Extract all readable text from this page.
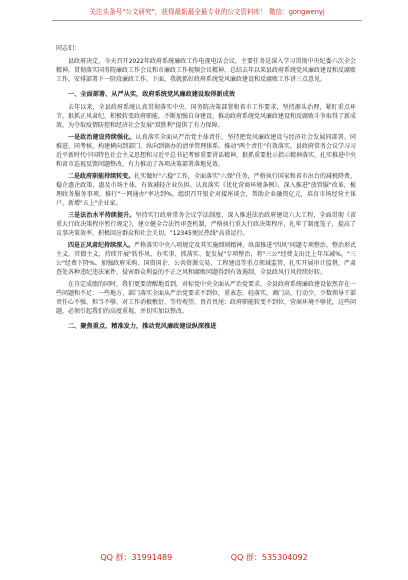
关注头条号"公文研究"，获得最新最全最专业的公文资料库！ 微信：gongwenyj
同志们：

县政府决定，今天召开2022年政府系统廉政工作电视电话会议，主要任务是深入学习贯彻中央纪委六次全会精神，贯彻落实国务院廉政工作会议和市廉政工作视频会议精神，总结去年以来县政府系统党风廉政建设和反腐败工作，安排部署下一阶段廉政工作。下面，我就抓好政府系统党风廉政建设和反腐败工作讲三点意见。

一、全面部署、从严从实，政府系统党风廉政建设取得新成效

去年以来，全县政府系统认真贯彻落实中央、国务院决策部署和省市工作要求，坚持源头治理，紧盯重点环节，狠抓正风肃纪，积极转变政府职能，不断加强自身建设，推动政府系统党风廉政建设和反腐败斗争取得了新成效，为夺取疫情防控和经济社会发展"双胜利"提供了有力保障。

一是政治建设持续强化。认真落实全面从严治党主体责任，坚持把党风廉政建设与经济社会发展同部署、同推进、同考核，构建横向到部门、纵向到镇办的清单管理体系。推动"两个责任"有效落实，县政府常务会议学习习近平新时代中国特色社会主义思想和习近平总书记考察重要讲话精神，狠抓重要批示指示精神落实，扎实推进中央和省市巡视反馈问题整改，有力推动了各项决策部署落地见效。

二是政府职能持续转变。扎实做好"六稳"工作，全面落实"六保"任务，严格执行国家和省市出台的减税降费、稳企惠企政策，惠及市场主体，有效减轻企业负担。认真落实《优化营商环境条例》，深入推进"放管服"改革，梳理政务服务事项，推行"一网通办"率达到%，组织召开银企对接座谈会，帮助企业融资亿元，培育市场经营主体户，新增"五上"企业家。

三是法治水平持续提升。坚持实行政府常务会议学法制度，深入推进法治政府建设六大工程，全面贯彻《省重大行政决策程序暂行规定》，建立健全合法性审查机制，严格执行重大行政决策程序，扎牢了制度笼子，提高了议事决策效率，积极回应群众和社会关切，"12345便民热线"高效运行。

四是正风肃纪持续深入。严格落实中央八项规定及其实施细则精神，纵深推进"四风"问题专项整治，整治形式主义、官僚主义，持续开展"转作风、办实事、抓落实、促发展"专项整治，将"三公"经费支出比上年压减%，"三公"经费下降%，加强政府采购、国资国企、公共资源交易、工程建设等重点领域监管，扎实开展审计监督，严肃查处各种违纪违法案件，侵害群众利益的不正之风和腐败问题得到有效遏制，全县政风行风持续好转。

在肯定成绩的同时，我们更要清醒地看到，对标党中央全面从严治党要求，全县政府系统廉政建设依然存在一些问题和不足：一些地方、部门落实全面从严治党要求不到位，重表态、轻落实，调门高、行动少，少数领导干部责任心不强，担当不够，对工作消极敷衍、等待观望、畏首畏尾；政府职能转变不到位，营商环境不够优，这些问题，必须引起我们的高度重视，并切实加以整改。

二、聚焦重点、精准发力，推动党风廉政建设纵深推进
QQ 群：31991489	QQ 群：535304092
